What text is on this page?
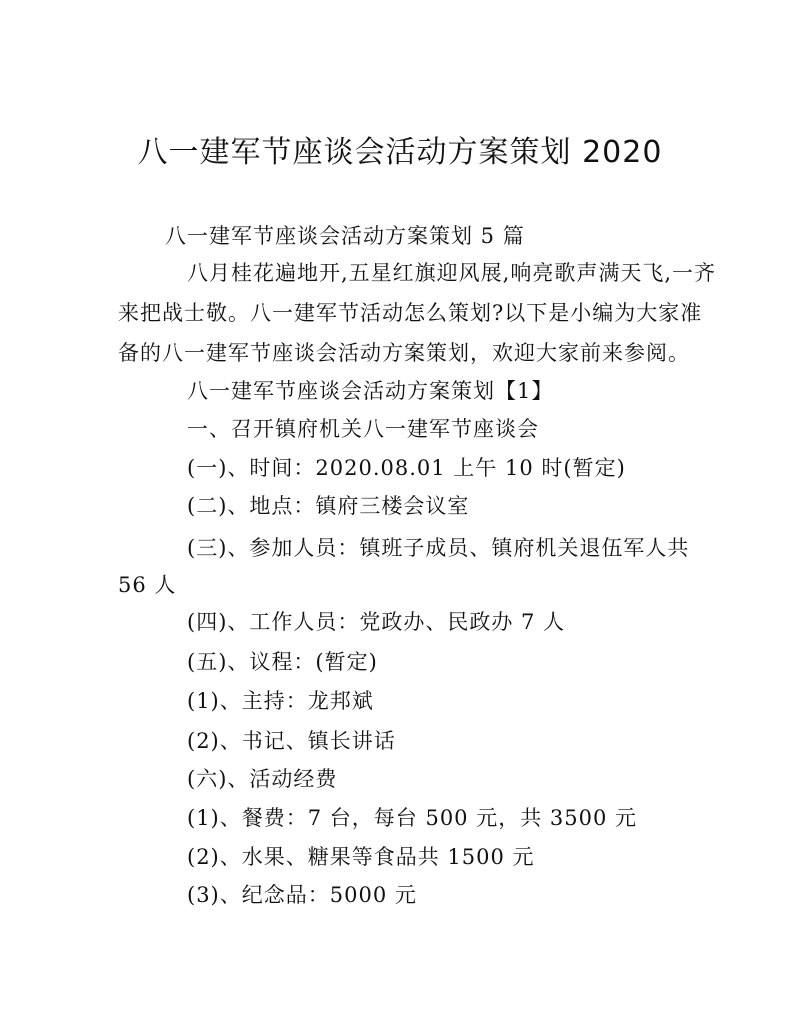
八一建军节座谈会活动方案策划 2020
八一建军节座谈会活动方案策划 5 篇
八月桂花遍地开,五星红旗迎风展,响亮歌声满天飞,一齐
来把战士敬。八一建军节活动怎么策划?以下是小编为大家准
备的八一建军节座谈会活动方案策划，欢迎大家前来参阅。
八一建军节座谈会活动方案策划【1】
一、召开镇府机关八一建军节座谈会
(一)、时间：2020.08.01 上午 10 时(暂定)
(二)、地点：镇府三楼会议室
(三)、参加人员：镇班子成员、镇府机关退伍军人共
56 人
(四)、工作人员：党政办、民政办 7 人
(五)、议程：(暂定)
(1)、主持：龙邦斌
(2)、书记、镇长讲话
(六)、活动经费
(1)、餐费：7 台，每台 500 元，共 3500 元
(2)、水果、糖果等食品共 1500 元
(3)、纪念品：5000 元
